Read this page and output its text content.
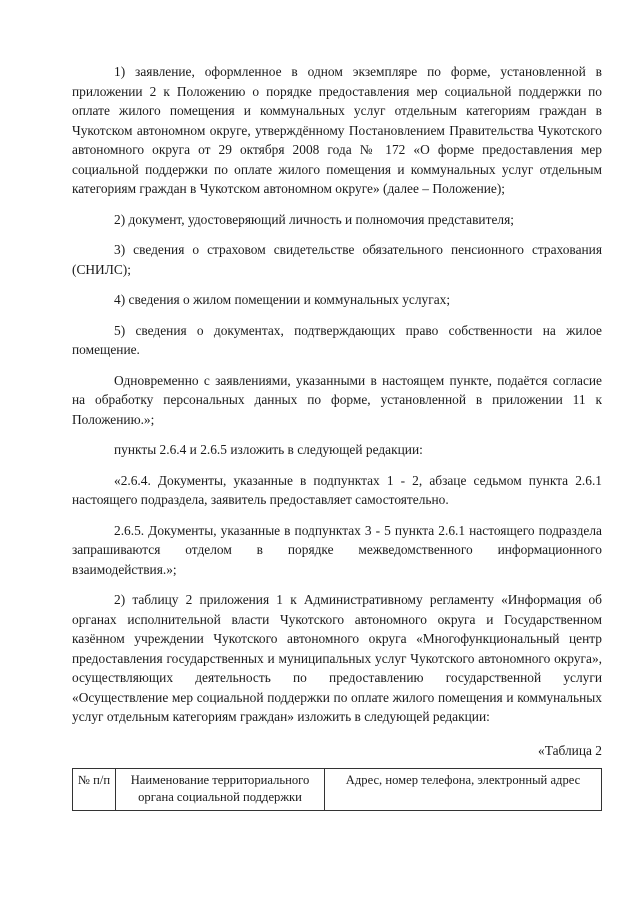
1) заявление, оформленное в одном экземпляре по форме, установленной в приложении 2 к Положению о порядке предоставления мер социальной поддержки по оплате жилого помещения и коммунальных услуг отдельным категориям граждан в Чукотском автономном округе, утверждённому Постановлением Правительства Чукотского автономного округа от 29 октября 2008 года № 172 «О форме предоставления мер социальной поддержки по оплате жилого помещения и коммунальных услуг отдельным категориям граждан в Чукотском автономном округе» (далее – Положение);

2) документ, удостоверяющий личность и полномочия представителя;

3) сведения о страховом свидетельстве обязательного пенсионного страхования (СНИЛС);

4) сведения о жилом помещении и коммунальных услугах;

5) сведения о документах, подтверждающих право собственности на жилое помещение.

Одновременно с заявлениями, указанными в настоящем пункте, подаётся согласие на обработку персональных данных по форме, установленной в приложении 11 к Положению.»;

пункты 2.6.4 и 2.6.5 изложить в следующей редакции:

«2.6.4. Документы, указанные в подпунктах 1 - 2, абзаце седьмом пункта 2.6.1 настоящего подраздела, заявитель предоставляет самостоятельно.

2.6.5. Документы, указанные в подпунктах 3 - 5 пункта 2.6.1 настоящего подраздела запрашиваются отделом в порядке межведомственного информационного взаимодействия.»;

2) таблицу 2 приложения 1 к Административному регламенту «Информация об органах исполнительной власти Чукотского автономного округа и Государственном казённом учреждении Чукотского автономного округа «Многофункциональный центр предоставления государственных и муниципальных услуг Чукотского автономного округа», осуществляющих деятельность по предоставлению государственной услуги «Осуществление мер социальной поддержки по оплате жилого помещения и коммунальных услуг отдельным категориям граждан» изложить в следующей редакции:

«Таблица 2
№ п/п	Наименование территориального органа социальной поддержки	Адрес, номер телефона, электронный адрес
